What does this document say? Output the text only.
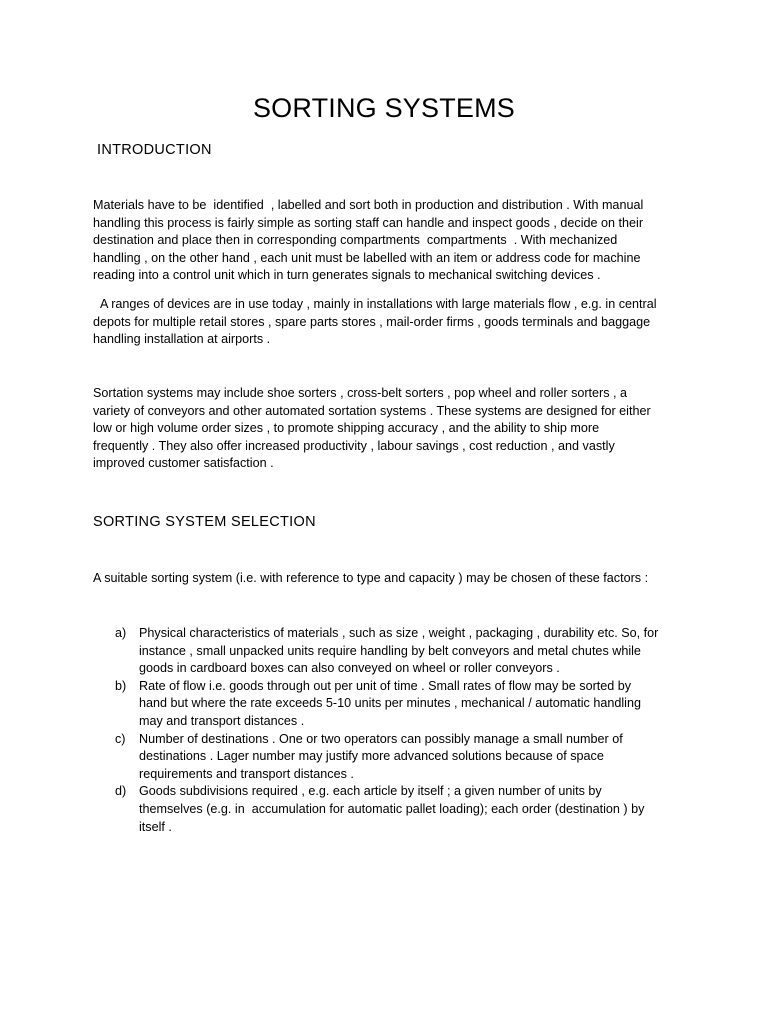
SORTING SYSTEMS
INTRODUCTION

Materials have to be  identified  , labelled and sort both in production and distribution . With manual
handling this process is fairly simple as sorting staff can handle and inspect goods , decide on their
destination and place then in corresponding compartments  compartments  . With mechanized
handling , on the other hand , each unit must be labelled with an item or address code for machine
reading into a control unit which in turn generates signals to mechanical switching devices .

A ranges of devices are in use today , mainly in installations with large materials flow , e.g. in central
depots for multiple retail stores , spare parts stores , mail-order firms , goods terminals and baggage
handling installation at airports .

Sortation systems may include shoe sorters , cross-belt sorters , pop wheel and roller sorters , a
variety of conveyors and other automated sortation systems . These systems are designed for either
low or high volume order sizes , to promote shipping accuracy , and the ability to ship more
frequently . They also offer increased productivity , labour savings , cost reduction , and vastly
improved customer satisfaction .

SORTING SYSTEM SELECTION

A suitable sorting system (i.e. with reference to type and capacity ) may be chosen of these factors :

a) Physical characteristics of materials , such as size , weight , packaging , durability etc. So, for
instance , small unpacked units require handling by belt conveyors and metal chutes while
goods in cardboard boxes can also conveyed on wheel or roller conveyors .
b) Rate of flow i.e. goods through out per unit of time . Small rates of flow may be sorted by
hand but where the rate exceeds 5-10 units per minutes , mechanical / automatic handling
may and transport distances .
c) Number of destinations . One or two operators can possibly manage a small number of
destinations . Lager number may justify more advanced solutions because of space
requirements and transport distances .
d) Goods subdivisions required , e.g. each article by itself ; a given number of units by
themselves (e.g. in  accumulation for automatic pallet loading); each order (destination ) by
itself .
